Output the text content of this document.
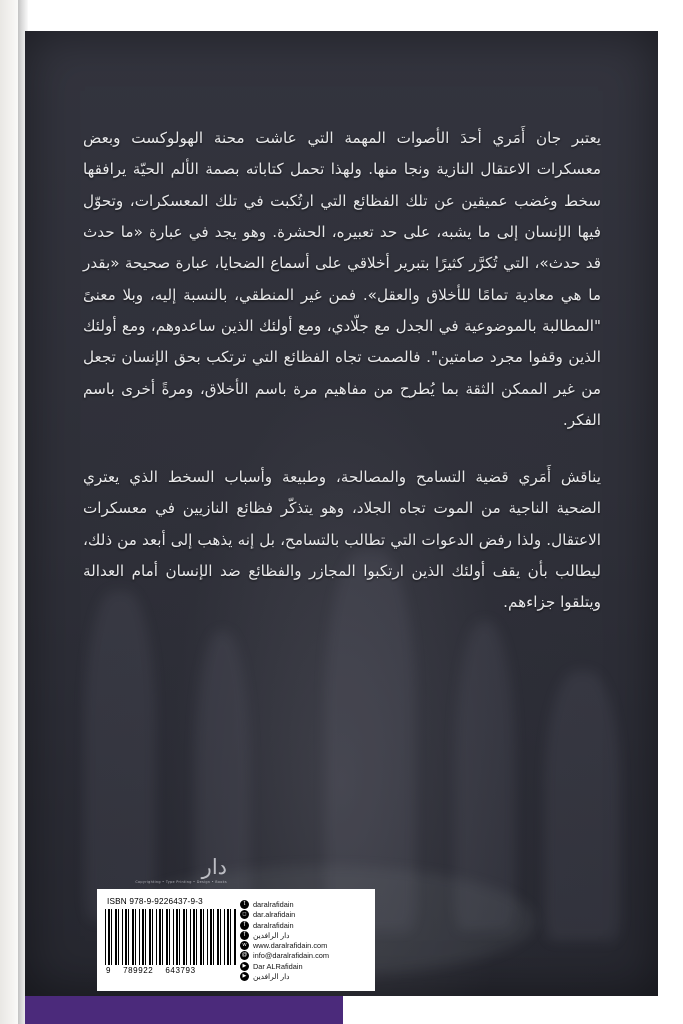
يعتبر جان أَمَري أحدَ الأصوات المهمة التي عاشت محنة الهولوكست وبعض معسكرات الاعتقال النازية ونجا منها. ولهذا تحمل كتاباته بصمة الألم الحيّة يرافقها سخط وغضب عميقين عن تلك الفظائع التي ارتُكبت في تلك المعسكرات، وتحوّل فيها الإنسان إلى ما يشبه، على حد تعبيره، الحشرة. وهو يجد في عبارة «ما حدث قد حدث»، التي تُكرَّر كثيرًا بتبرير أخلاقي على أسماع الضحايا، عبارة صحيحة «بقدر ما هي معادية تمامًا للأخلاق والعقل». فمن غير المنطقي، بالنسبة إليه، وبلا معنىً "المطالبة بالموضوعية في الجدل مع جلّادي، ومع أولئك الذين ساعدوهم، ومع أولئك الذين وقفوا مجرد صامتين". فالصمت تجاه الفظائع التي ترتكب بحق الإنسان تجعل من غير الممكن الثقة بما يُطرح من مفاهيم مرة باسم الأخلاق، ومرةً أخرى باسم الفكر.

يناقش أَمَري قضية التسامح والمصالحة، وطبيعة وأسباب السخط الذي يعتري الضحية الناجية من الموت تجاه الجلاد، وهو يتذكّر فظائع النازيين في معسكرات الاعتقال. ولذا رفض الدعوات التي تطالب بالتسامح، بل إنه يذهب إلى أبعد من ذلك، ليطالب بأن يقف أولئك الذين ارتكبوا المجازر والفظائع ضد الإنسان أمام العدالة ويتلقوا جزاءهم.

دار
Copyrighting • Type Printing • Design • Books
t
daralrafidain
◻
dar.alrafidain
f
daralrafidain
f
دار الرافدين
w
www.daralrafidain.com
@
info@daralrafidain.com
▶
Dar ALRafidain
▶
دار الرافدين
ISBN 978-9-9226437-9-3
9 789922 643793
